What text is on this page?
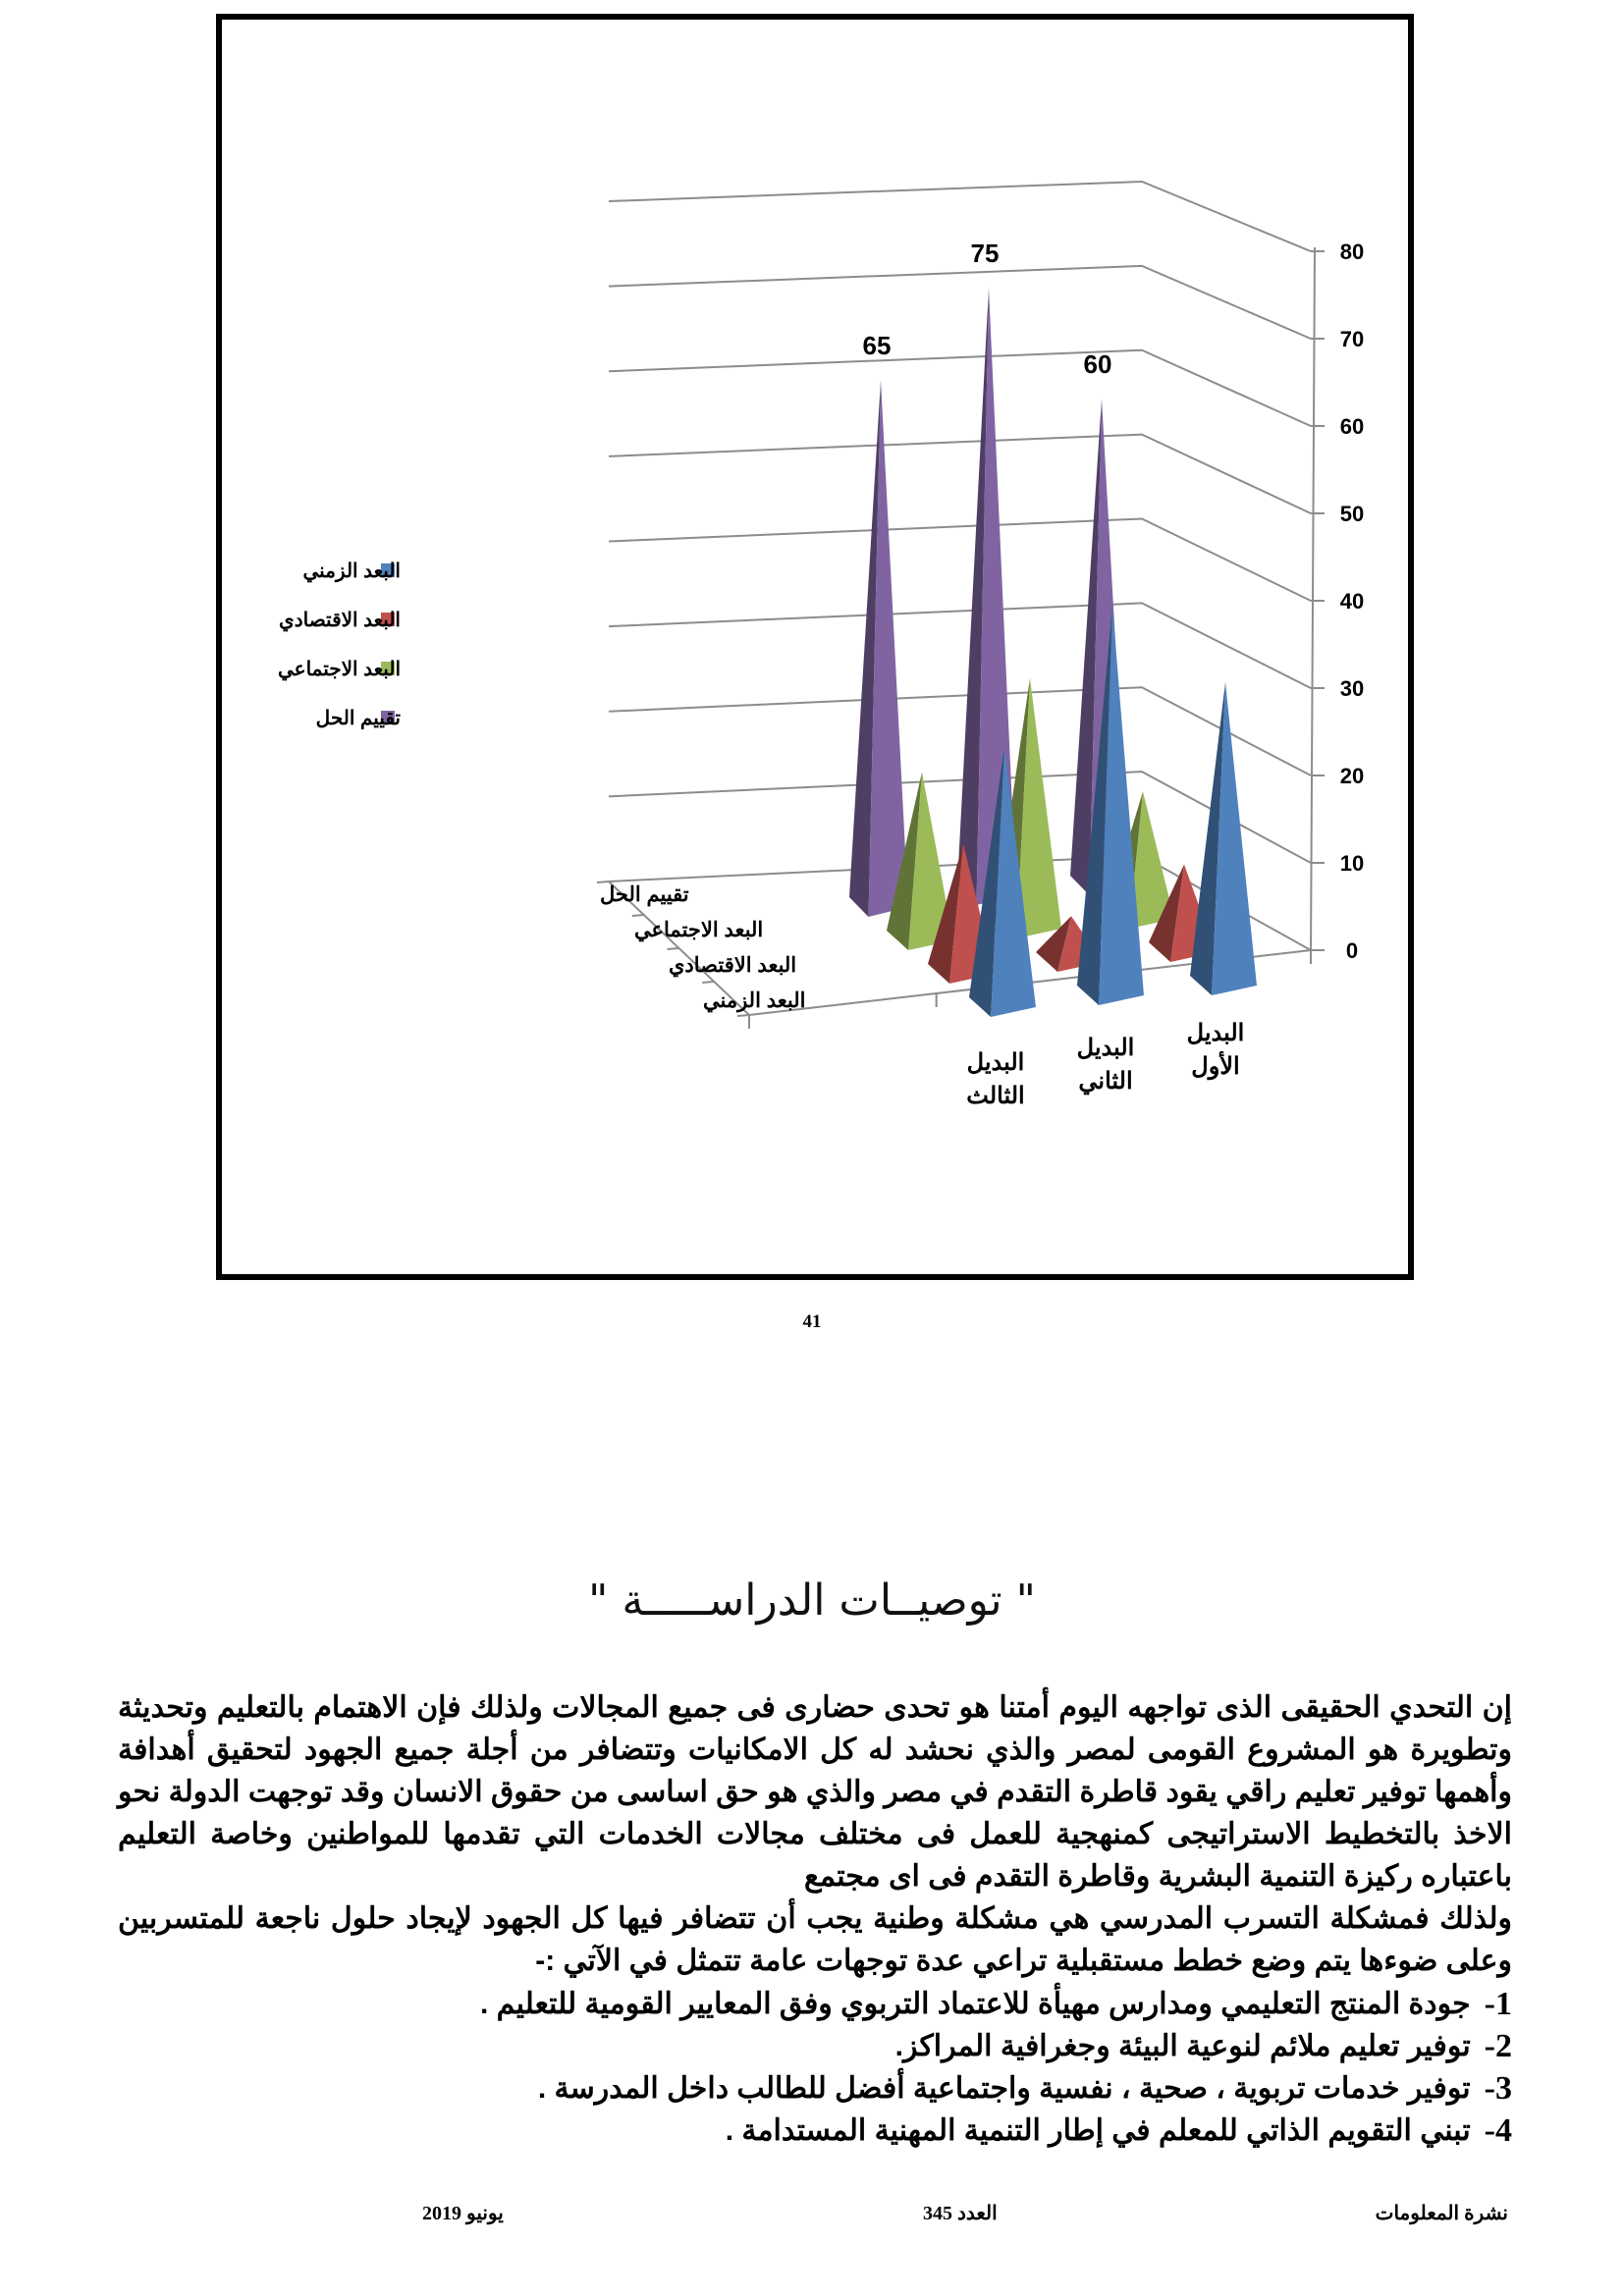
0
10
20
30
40
50
60
70
80
البعد الزمني
البعد الاقتصادي
البعد الاجتماعي
تقييم الحل
البديل
الأول
البديل
الثاني
البديل
الثالث
60
75
65
البعد الزمني
البعد الاقتصادي
البعد الاجتماعي
تقييم الحل
41
" توصيــات الدراســـــة "

إن التحدي الحقيقى الذى تواجهه اليوم أمتنا هو تحدى حضارى فى جميع المجالات ولذلك فإن الاهتمام بالتعليم وتحديثة وتطويرة هو المشروع القومى لمصر والذي نحشد له كل الامكانيات وتتضافر من أجلة جميع الجهود لتحقيق أهدافة وأهمها توفير تعليم راقي يقود قاطرة التقدم في مصر والذي هو حق اساسى من حقوق الانسان وقد توجهت الدولة نحو الاخذ بالتخطيط الاستراتيجى كمنهجية للعمل فى مختلف مجالات الخدمات التي تقدمها للمواطنين وخاصة التعليم باعتباره ركيزة التنمية البشرية وقاطرة التقدم فى اى مجتمع

ولذلك فمشكلة التسرب المدرسي هي مشكلة وطنية يجب أن تتضافر فيها كل الجهود لإيجاد حلول ناجعة للمتسربين وعلى ضوءها يتم وضع خطط مستقبلية تراعي عدة توجهات عامة تتمثل في الآتي :-

1-
جودة المنتج التعليمي ومدارس مهيأة للاعتماد التربوي وفق المعايير القومية للتعليم .
2-
توفير تعليم ملائم لنوعية البيئة وجغرافية المراكز.
3-
توفير خدمات تربوية ، صحية ، نفسية واجتماعية أفضل للطالب داخل المدرسة .
4-
تبني التقويم الذاتي للمعلم في إطار التنمية المهنية المستدامة .
نشرة المعلومات
العدد 345
يونيو 2019
